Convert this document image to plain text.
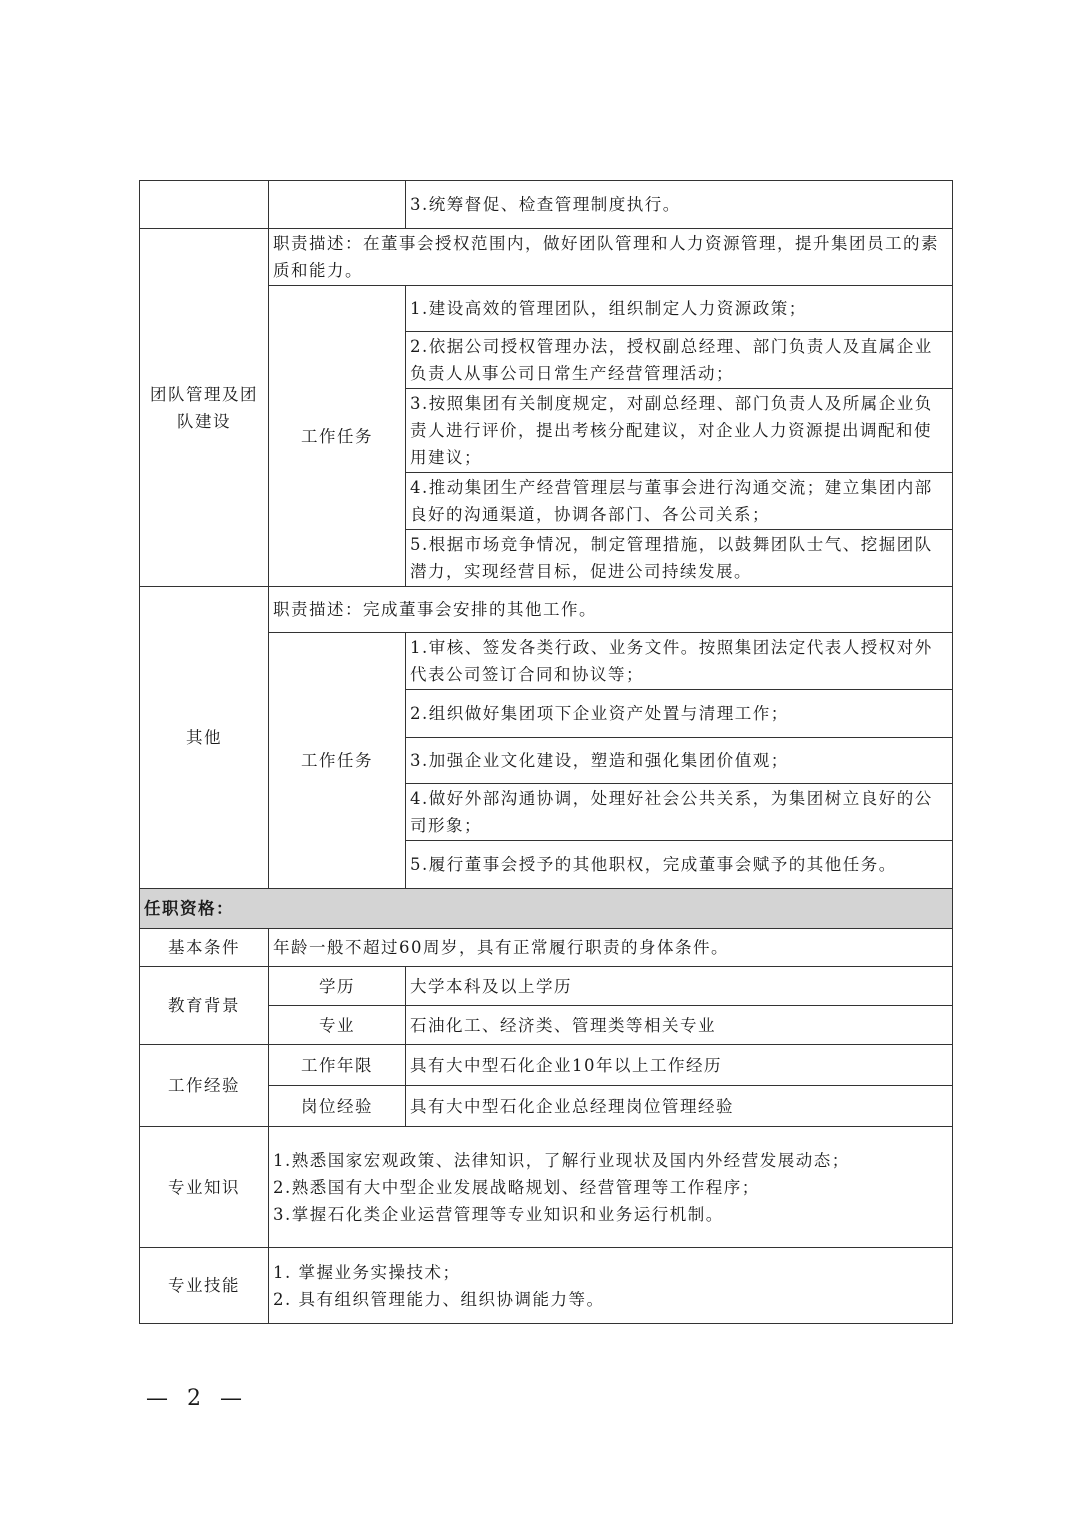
		3.统筹督促、检查管理制度执行。
团队管理及团队建设	职责描述：在董事会授权范围内，做好团队管理和人力资源管理，提升集团员工的素质和能力。	
	工作任务	1.建设高效的管理团队，组织制定人力资源政策；
		2.依据公司授权管理办法，授权副总经理、部门负责人及直属企业负责人从事公司日常生产经营管理活动；
		3.按照集团有关制度规定，对副总经理、部门负责人及所属企业负责人进行评价，提出考核分配建议，对企业人力资源提出调配和使用建议；
		4.推动集团生产经营管理层与董事会进行沟通交流；建立集团内部良好的沟通渠道，协调各部门、各公司关系；
		5.根据市场竞争情况，制定管理措施，以鼓舞团队士气、挖掘团队潜力，实现经营目标，促进公司持续发展。
其他	职责描述：完成董事会安排的其他工作。	
	工作任务	1.审核、签发各类行政、业务文件。按照集团法定代表人授权对外代表公司签订合同和协议等；
		2.组织做好集团项下企业资产处置与清理工作；
		3.加强企业文化建设，塑造和强化集团价值观；
		4.做好外部沟通协调，处理好社会公共关系，为集团树立良好的公司形象；
		5.履行董事会授予的其他职权，完成董事会赋予的其他任务。
任职资格：		
基本条件	年龄一般不超过60周岁，具有正常履行职责的身体条件。	
教育背景	学历	大学本科及以上学历
	专业	石油化工、经济类、管理类等相关专业
工作经验	工作年限	具有大中型石化企业10年以上工作经历
	岗位经验	具有大中型石化企业总经理岗位管理经验
专业知识	1.熟悉国家宏观政策、法律知识，了解行业现状及国内外经营发展动态；
2.熟悉国有大中型企业发展战略规划、经营管理等工作程序；
3.掌握石化类企业运营管理等专业知识和业务运行机制。	

专业技能	1. 掌握业务实操技术；
2. 具有组织管理能力、组织协调能力等。	
— 2 —
